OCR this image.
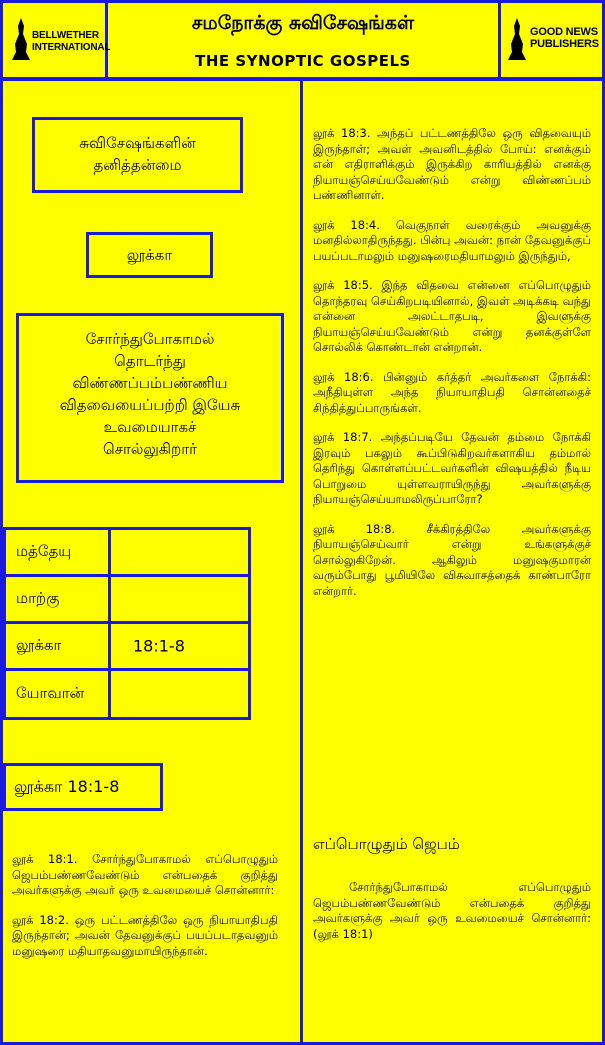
BELLWETHER
INTERNATIONAL
சமநோக்கு சுவிசேஷங்கள்
THE SYNOPTIC GOSPELS
GOOD NEWS
PUBLISHERS
சுவிசேஷங்களின்
தனித்தன்மை
லூக்கா
சோர்ந்துபோகாமல்
தொடர்ந்து
விண்ணப்பம்பண்ணிய
விதவையைப்பற்றி இயேசு
உவமையாகச்
சொல்லுகிறார்
மத்தேயு
மாற்கு
லூக்கா	18:1-8
யோவான்
லூக்கா 18:1-8

லூக் 18:1. சோர்ந்துபோகாமல் எப்பொழுதும் ஜெபம்பண்ணவேண்டும் என்பதைக் குறித்து அவர்களுக்கு அவர் ஒரு உவமையைச் சொன்னார்:

லூக் 18:2. ஒரு பட்டணத்திலே ஒரு நியாயாதிபதி இருந்தான்; அவன் தேவனுக்குப் பயப்படாதவனும் மனுஷரை மதியாதவனுமாயிருந்தான்.

லூக் 18:3. அந்தப் பட்டணத்திலே ஒரு விதவையும் இருந்தாள்; அவள் அவனிடத்தில் போய்: எனக்கும் என் எதிராளிக்கும் இருக்கிற காரியத்தில் எனக்கு நியாயஞ்செய்யவேண்டும் என்று விண்ணப்பம் பண்ணினாள்.

லூக் 18:4. வெகுநாள் வரைக்கும் அவனுக்கு மனதில்லாதிருந்தது. பின்பு அவன்: நான் தேவனுக்குப் பயப்படாமலும் மனுஷரைமதியாமலும் இருந்தும்,

லூக் 18:5. இந்த விதவை என்னை எப்பொழுதும் தொந்தரவு செய்கிறபடியினால், இவள் அடிக்கடி வந்து என்னை அலட்டாதபடி, இவளுக்கு நியாயஞ்செய்யவேண்டும் என்று தனக்குள்ளே சொல்லிக் கொண்டான் என்றான்.

லூக் 18:6. பின்னும் கர்த்தர் அவர்களை நோக்கி: அநீதியுள்ள அந்த நியாயாதிபதி சொன்னதைச் சிந்தித்துப்பாருங்கள்.

லூக் 18:7. அந்தப்படியே தேவன் தம்மை நோக்கி இரவும் பகலும் கூப்பிடுகிறவர்களாகிய தம்மால் தெரிந்து கொள்ளப்பட்டவர்களின் விஷயத்தில் நீடிய பொறுமை யுள்ளவராயிருந்து அவர்களுக்கு நியாயஞ்செய்யாமலிருப்பாரோ?

லூக் 18:8. சீக்கிரத்திலே அவர்களுக்கு நியாயஞ்செய்வார் என்று உங்களுக்குச் சொல்லுகிறேன். ஆகிலும் மனுஷகுமாரன் வரும்போது பூமியிலே விசுவாசத்தைக் காண்பாரோ என்றார்.

எப்பொழுதும் ஜெபம்
சோர்ந்துபோகாமல் எப்பொழுதும் ஜெபம்பண்ணவேண்டும் என்பதைக் குறித்து அவர்களுக்கு அவர் ஒரு உவமையைச் சொன்னார்: (லூக் 18:1)
